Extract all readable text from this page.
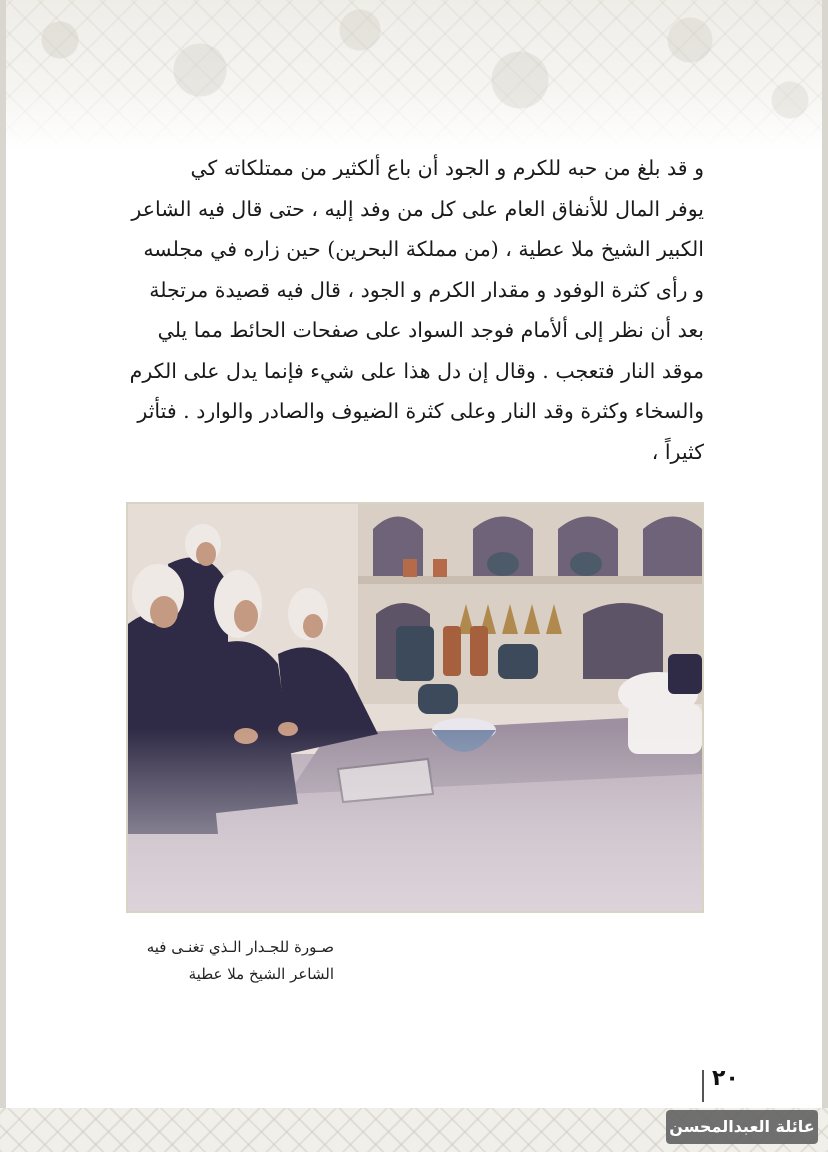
و قد بلغ من حبه للكرم و الجود أن باع ألكثير من ممتلكاته كي

يوفر المال للأنفاق العام على كل من وفد إليه ، حتى قال فيه الشاعر

الكبير الشيخ ملا عطية ، (من مملكة البحرين) حين زاره في مجلسه

و رأى كثرة الوفود و مقدار الكرم و الجود ، قال فيه قصيدة مرتجلة

بعد أن نظر إلى ألأمام فوجد السواد على صفحات الحائط مما يلي

موقد النار فتعجب . وقال إن دل هذا على شيء فإنما يدل على الكرم

والسخاء وكثرة وقد النار وعلى كثرة الضيوف والصادر والوارد . فتأثر

كثيراً ،

صـورة للجـدار الـذي تغنـى فيه
الشاعر الشيخ ملا عطية
٢٠
عائلة العبدالمحسن
